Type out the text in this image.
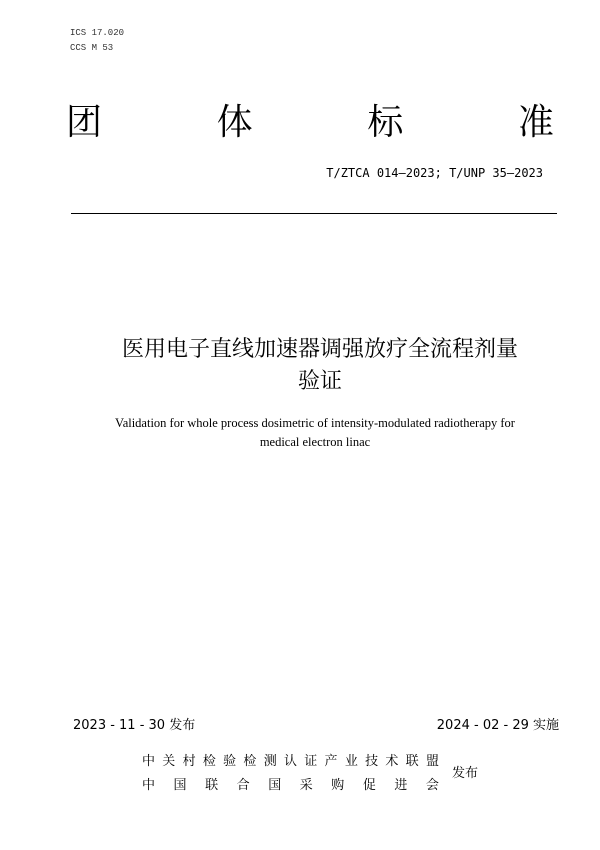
ICS 17.020
CCS M 53
团	体	标	准
T/ZTCA 014—2023; T/UNP 35—2023
医用电子直线加速器调强放疗全流程剂量
验证
Validation for whole process dosimetric of intensity-modulated radiotherapy for
medical electron linac
2023 - 11 - 30 发布	2024 - 02 - 29 实施
中 关 村 检 验 检 测 认 证 产 业 技 术 联 盟
中 国 联 合 国 采 购 促 进 会
发布
